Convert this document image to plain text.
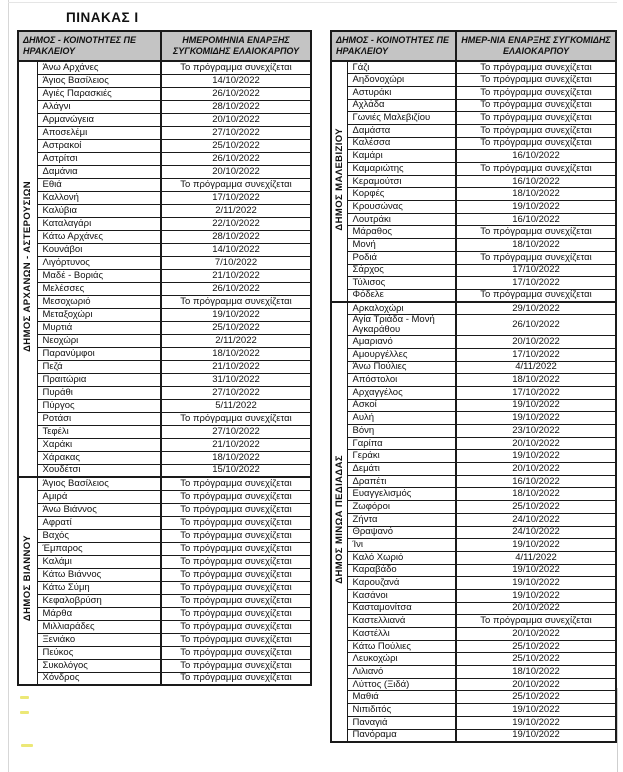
ΠΙΝΑΚΑΣ Ι
ΔΗΜΟΣ - ΚΟΙΝΟΤΗΤΕΣ ΠΕ ΗΡΑΚΛΕΙΟΥ		ΗΜΕΡΟΜΗΝΙΑ ΕΝΑΡΞΗΣ ΣΥΓΚΟΜΙΔΗΣ ΕΛΑΙΟΚΑΡΠΟΥ
ΔΗΜΟΣ ΑΡΧΑΝΩΝ - ΑΣΤΕΡΟΥΣΙΩΝ	Άνω Αρχάνες	Το πρόγραμμα συνεχίζεται
	Άγιος Βασίλειος	14/10/2022
	Αγιές Παρασκιές	26/10/2022
	Αλάγνι	28/10/2022
	Αρμανώγεια	20/10/2022
	Αποσελέμι	27/10/2022
	Αστρακοί	25/10/2022
	Αστρίτσι	26/10/2022
	Δαμάνια	20/10/2022
	Εθιά	Το πρόγραμμα συνεχίζεται
	Καλλονή	17/10/2022
	Καλύβια	2/11/2022
	Καταλαγάρι	22/10/2022
	Κάτω Αρχάνες	28/10/2022
	Κουνάβοι	14/10/2022
	Λιγόρτυνος	7/10/2022
	Μαδέ - Βοριάς	21/10/2022
	Μελέσσες	26/10/2022
	Μεσοχωριό	Το πρόγραμμα συνεχίζεται
	Μεταξοχώρι	19/10/2022
	Μυρτιά	25/10/2022
	Νεοχώρι	2/11/2022
	Παρανύμφοι	18/10/2022
	Πεζά	21/10/2022
	Πραιτώρια	31/10/2022
	Πυράθι	27/10/2022
	Πύργος	5/11/2022
	Ροτάσι	Το πρόγραμμα συνεχίζεται
	Τεφέλι	27/10/2022
	Χαράκι	21/10/2022
	Χάρακας	18/10/2022
	Χουδέτσι	15/10/2022
ΔΗΜΟΣ ΒΙΑΝΝΟΥ	Άγιος Βασίλειος	Το πρόγραμμα συνεχίζεται
	Αμιρά	Το πρόγραμμα συνεχίζεται
	Άνω Βιάννος	Το πρόγραμμα συνεχίζεται
	Αφρατί	Το πρόγραμμα συνεχίζεται
	Βαχός	Το πρόγραμμα συνεχίζεται
	Έμπαρος	Το πρόγραμμα συνεχίζεται
	Καλάμι	Το πρόγραμμα συνεχίζεται
	Κάτω Βιάννος	Το πρόγραμμα συνεχίζεται
	Κάτω Σύμη	Το πρόγραμμα συνεχίζεται
	Κεφαλοβρύση	Το πρόγραμμα συνεχίζεται
	Μάρθα	Το πρόγραμμα συνεχίζεται
	Μιλλιαράδες	Το πρόγραμμα συνεχίζεται
	Ξενιάκο	Το πρόγραμμα συνεχίζεται
	Πεύκος	Το πρόγραμμα συνεχίζεται
	Συκολόγος	Το πρόγραμμα συνεχίζεται
	Χόνδρος	Το πρόγραμμα συνεχίζεται
ΔΗΜΟΣ - ΚΟΙΝΟΤΗΤΕΣ ΠΕ ΗΡΑΚΛΕΙΟΥ		ΗΜΕΡ-ΝΙΑ ΕΝΑΡΞΗΣ ΣΥΓΚΟΜΙΔΗΣ ΕΛΑΙΟΚΑΡΠΟΥ
ΔΗΜΟΣ ΜΑΛΕΒΙΖΙΟΥ	Γάζι	Το πρόγραμμα συνεχίζεται
	Αηδονοχώρι	Το πρόγραμμα συνεχίζεται
	Αστυράκι	Το πρόγραμμα συνεχίζεται
	Αχλάδα	Το πρόγραμμα συνεχίζεται
	Γωνιές Μαλεβιζίου	Το πρόγραμμα συνεχίζεται
	Δαμάστα	Το πρόγραμμα συνεχίζεται
	Καλέσσα	Το πρόγραμμα συνεχίζεται
	Καμάρι	16/10/2022
	Καμαριώτης	Το πρόγραμμα συνεχίζεται
	Κεραμούτσι	16/10/2022
	Κορφές	18/10/2022
	Κρουσώνας	19/10/2022
	Λουτράκι	16/10/2022
	Μάραθος	Το πρόγραμμα συνεχίζεται
	Μονή	18/10/2022
	Ροδιά	Το πρόγραμμα συνεχίζεται
	Σάρχος	17/10/2022
	Τύλισος	17/10/2022
	Φόδελε	Το πρόγραμμα συνεχίζεται
ΔΗΜΟΣ ΜΙΝΩΑ ΠΕΔΙΑΔΑΣ	Αρκαλοχώρι	29/10/2022
	Αγία Τριάδα - Μονή Αγκαράθου	26/10/2022
	Αμαριανό	20/10/2022
	Αμουργέλλες	17/10/2022
	Άνω Πούλιες	4/11/2022
	Απόστολοι	18/10/2022
	Αρχαγγέλος	17/10/2022
	Ασκοί	19/10/2022
	Αυλή	19/10/2022
	Βόνη	23/10/2022
	Γαρίπα	20/10/2022
	Γεράκι	19/10/2022
	Δεμάτι	20/10/2022
	Δραπέτι	16/10/2022
	Ευαγγελισμός	18/10/2022
	Ζωφόροι	25/10/2022
	Ζήντα	24/10/2022
	Θραψανό	24/10/2022
	Ίνι	19/10/2022
	Καλό Χωριό	4/11/2022
	Καραβάδο	19/10/2022
	Καρουζανά	19/10/2022
	Κασάνοι	19/10/2022
	Κασταμονίτσα	20/10/2022
	Καστελλιανά	Το πρόγραμμα συνεχίζεται
	Καστέλλι	20/10/2022
	Κάτω Πούλιες	25/10/2022
	Λευκοχώρι	25/10/2022
	Λιλιανό	18/10/2022
	Λύττος (Ξιδά)	20/10/2022
	Μαθιά	25/10/2022
	Νιπιδιτός	19/10/2022
	Παναγιά	19/10/2022
	Πανόραμα	19/10/2022
